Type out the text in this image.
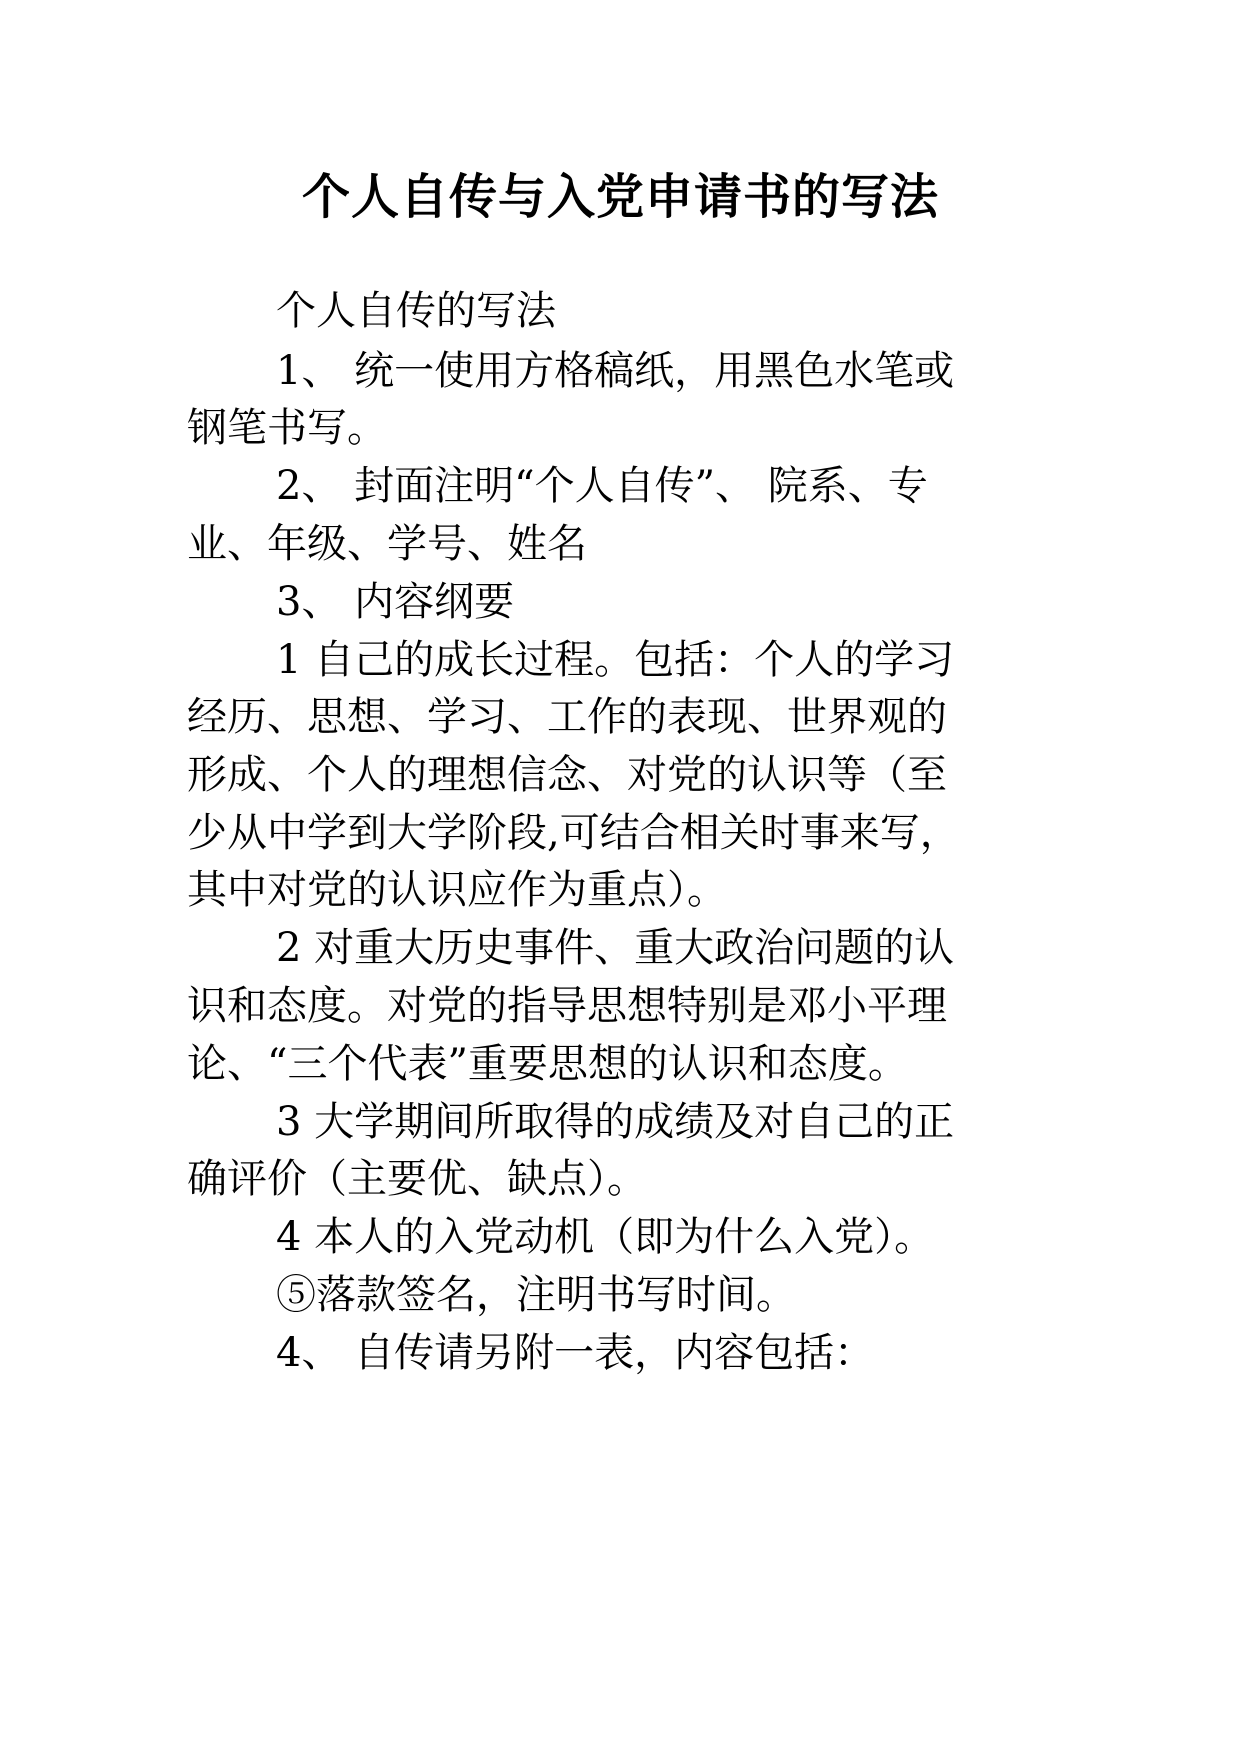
个人自传与入党申请书的写法

个人自传的写法

1、 统一使用方格稿纸，用黑色水笔或

钢笔书写。

2、 封面注明“个人自传”、 院系、专

业、年级、学号、姓名

3、 内容纲要

1 自己的成长过程。包括：个人的学习

经历、思想、学习、工作的表现、世界观的

形成、个人的理想信念、对党的认识等（至

少从中学到大学阶段,可结合相关时事来写，

其中对党的认识应作为重点）。

2 对重大历史事件、重大政治问题的认

识和态度。对党的指导思想特别是邓小平理

论、“三个代表”重要思想的认识和态度。

3 大学期间所取得的成绩及对自己的正

确评价（主要优、缺点）。

4 本人的入党动机（即为什么入党）。

⑤落款签名，注明书写时间。

4、 自传请另附一表，内容包括：
